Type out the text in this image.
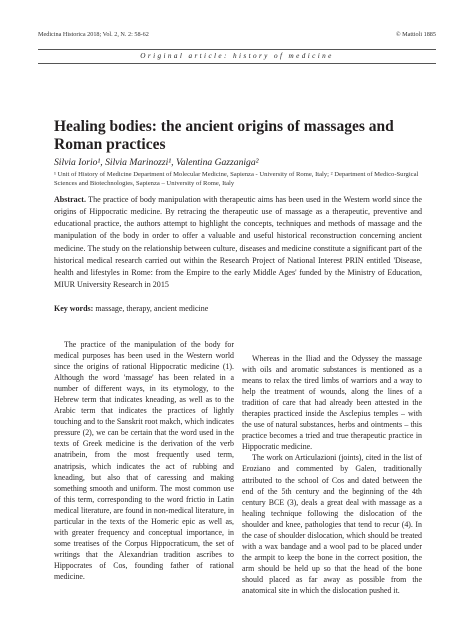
Medicina Historica 2018; Vol. 2, N. 2: 58-62	© Mattioli 1885
Original article: history of medicine
Healing bodies: the ancient origins of massages and Roman practices
Silvia Iorio¹, Silvia Marinozzi¹, Valentina Gazzaniga²
¹ Unit of History of Medicine Department of Molecular Medicine, Sapienza - University of Rome, Italy; ² Department of Medico-Surgical Sciences and Biotechnologies, Sapienza – University of Rome, Italy

Abstract. The practice of body manipulation with therapeutic aims has been used in the Western world since the origins of Hippocratic medicine. By retracing the therapeutic use of massage as a therapeutic, preventive and educational practice, the authors attempt to highlight the concepts, techniques and methods of massage and the manipulation of the body in order to offer a valuable and useful historical reconstruction concerning ancient medicine. The study on the relationship between culture, diseases and medicine constitute a significant part of the historical medical research carried out within the Research Project of National Interest PRIN entitled 'Disease, health and lifestyles in Rome: from the Empire to the early Middle Ages' funded by the Ministry of Education, MIUR University Research in 2015

Key words: massage, therapy, ancient medicine

The practice of the manipulation of the body for medical purposes has been used in the Western world since the origins of rational Hippocratic medicine (1). Although the word 'massage' has been related in a number of different ways, in its etymology, to the Hebrew term that indicates kneading, as well as to the Arabic term that indicates the practices of lightly touching and to the Sanskrit root makch, which indicates pressure (2), we can be certain that the word used in the texts of Greek medicine is the derivation of the verb anatribein, from the most frequently used term, anatripsis, which indicates the act of rubbing and kneading, but also that of caressing and making something smooth and uniform. The most common use of this term, corresponding to the word frictio in Latin medical literature, are found in non-medical literature, in particular in the texts of the Homeric epic as well as, with greater frequency and conceptual importance, in some treatises of the Corpus Hippocraticum, the set of writings that the Alexandrian tradition ascribes to Hippocrates of Cos, founding father of rational medicine.

Whereas in the Iliad and the Odyssey the massage with oils and aromatic substances is mentioned as a means to relax the tired limbs of warriors and a way to help the treatment of wounds, along the lines of a tradition of care that had already been attested in the therapies practiced inside the Asclepius temples – with the use of natural substances, herbs and ointments – this practice becomes a tried and true therapeutic practice in Hippocratic medicine.

The work on Articulazioni (joints), cited in the list of Eroziano and commented by Galen, traditionally attributed to the school of Cos and dated between the end of the 5th century and the beginning of the 4th century BCE (3), deals a great deal with massage as a healing technique following the dislocation of the shoulder and knee, pathologies that tend to recur (4). In the case of shoulder dislocation, which should be treated with a wax bandage and a wool pad to be placed under the armpit to keep the bone in the correct position, the arm should be held up so that the head of the bone should placed as far away as possible from the anatomical site in which the dislocation pushed it.
